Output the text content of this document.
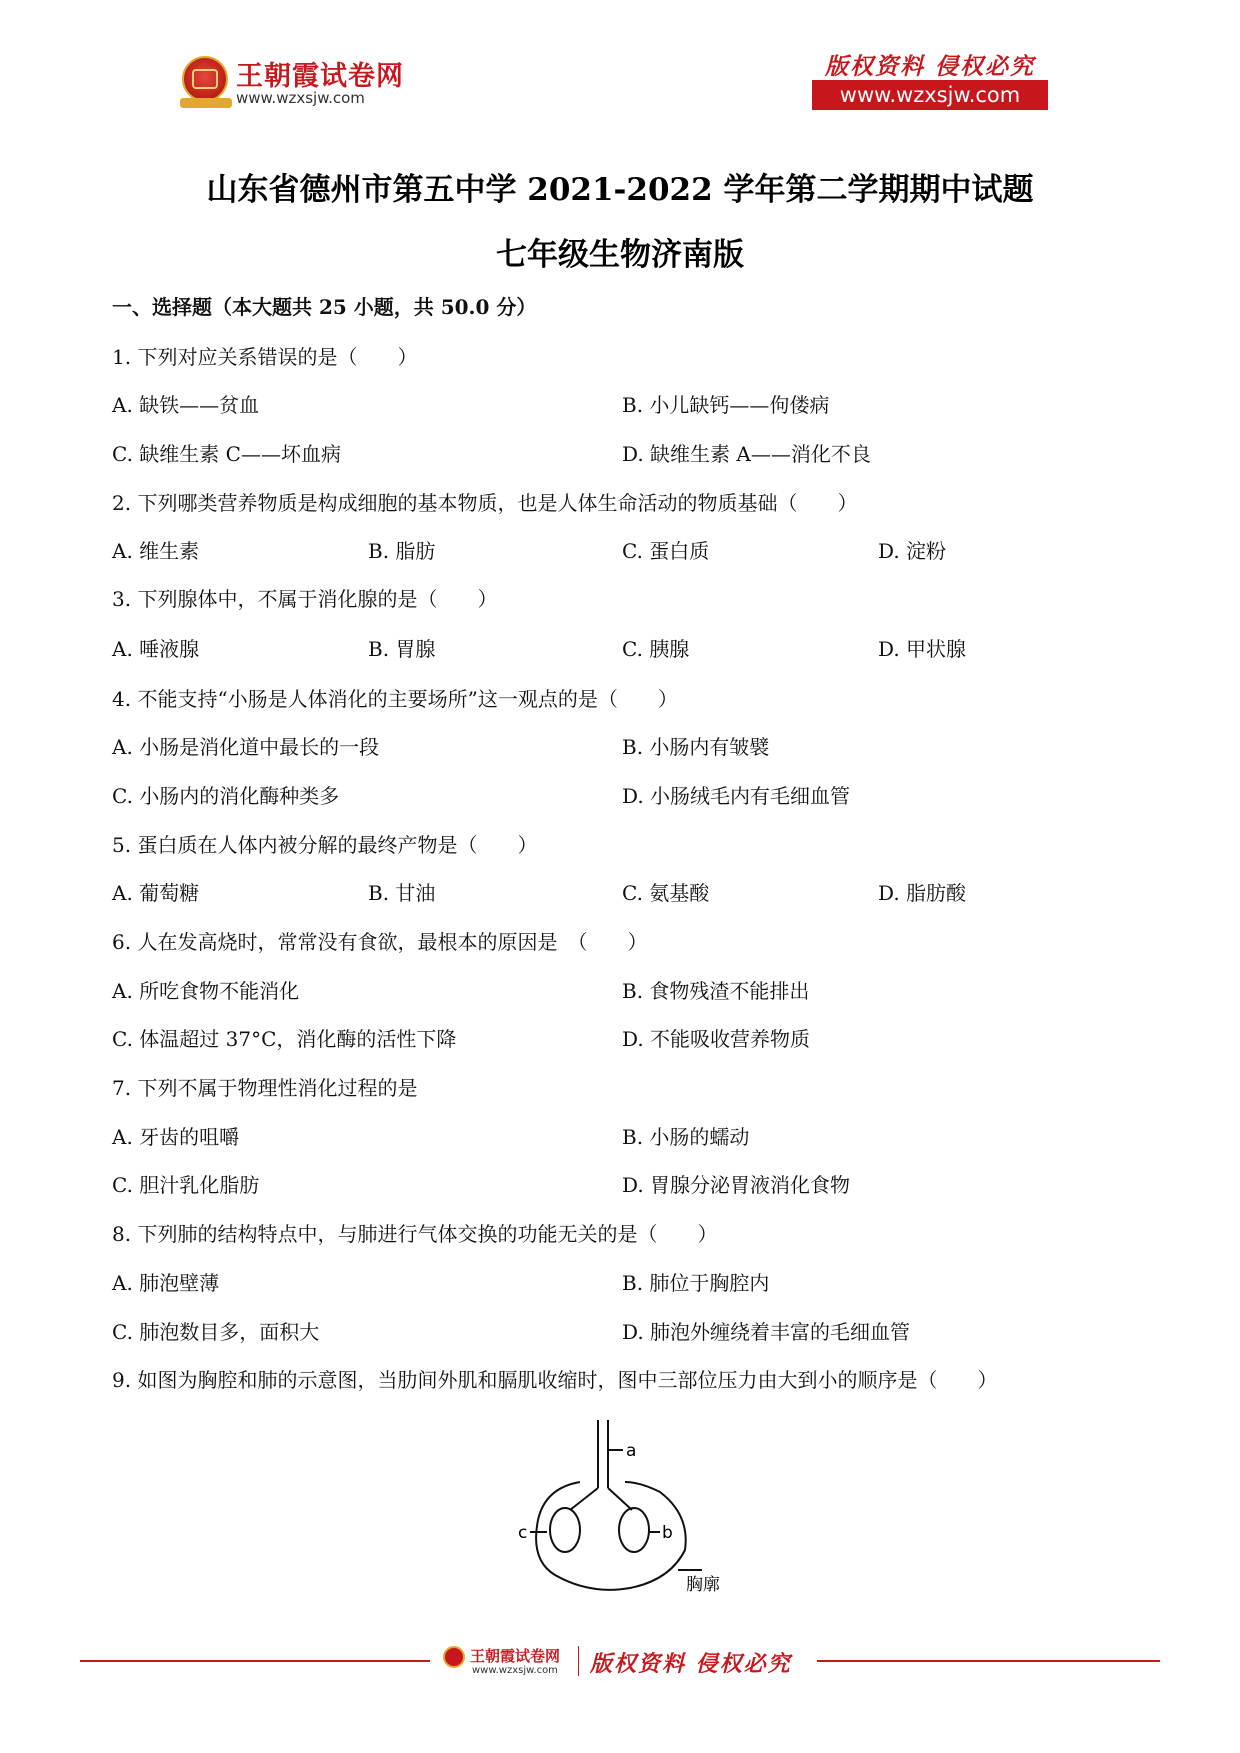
王朝霞试卷网
www.wzxsjw.com
版权资料 侵权必究
www.wzxsjw.com
山东省德州市第五中学 2021-2022 学年第二学期期中试题
七年级生物济南版
一、选择题（本大题共 25 小题，共 50.0 分）
1. 下列对应关系错误的是（　　）
A. 缺铁——贫血	B. 小儿缺钙——佝偻病
C. 缺维生素 C——坏血病	D. 缺维生素 A——消化不良
2. 下列哪类营养物质是构成细胞的基本物质，也是人体生命活动的物质基础（　　）
A. 维生素	B. 脂肪	C. 蛋白质	D. 淀粉
3. 下列腺体中，不属于消化腺的是（　　）
A. 唾液腺	B. 胃腺	C. 胰腺	D. 甲状腺
4. 不能支持“小肠是人体消化的主要场所”这一观点的是（　　）
A. 小肠是消化道中最长的一段	B. 小肠内有皱襞
C. 小肠内的消化酶种类多	D. 小肠绒毛内有毛细血管
5. 蛋白质在人体内被分解的最终产物是（　　）
A. 葡萄糖	B. 甘油	C. 氨基酸	D. 脂肪酸
6. 人在发高烧时，常常没有食欲，最根本的原因是　（　　）
A. 所吃食物不能消化	B. 食物残渣不能排出
C. 体温超过 37°C，消化酶的活性下降	D. 不能吸收营养物质
7. 下列不属于物理性消化过程的是
A. 牙齿的咀嚼	B. 小肠的蠕动
C. 胆汁乳化脂肪	D. 胃腺分泌胃液消化食物
8. 下列肺的结构特点中，与肺进行气体交换的功能无关的是（　　）
A. 肺泡壁薄	B. 肺位于胸腔内
C. 肺泡数目多，面积大	D. 肺泡外缠绕着丰富的毛细血管
9. 如图为胸腔和肺的示意图，当肋间外肌和膈肌收缩时，图中三部位压力由大到小的顺序是（　　）
a
c	b
胸廓
王朝霞试卷网
www.wzxsjw.com 版权资料 侵权必究
